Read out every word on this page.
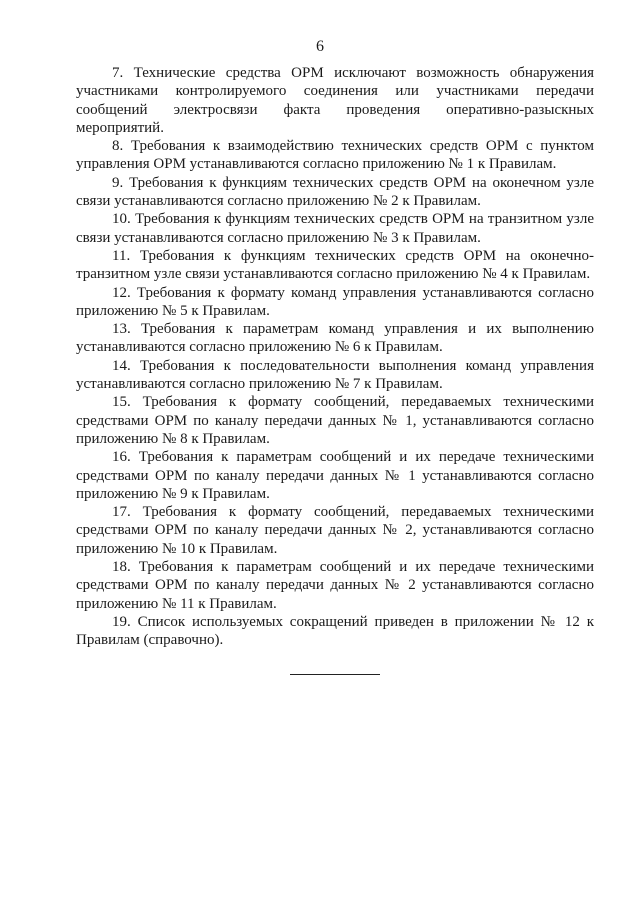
6

7. Технические средства ОРМ исключают возможность обнаружения участниками контролируемого соединения или участниками передачи сообщений электросвязи факта проведения оперативно-разыскных мероприятий.

8. Требования к взаимодействию технических средств ОРМ с пунктом управления ОРМ устанавливаются согласно приложению № 1 к Правилам.

9. Требования к функциям технических средств ОРМ на оконечном узле связи устанавливаются согласно приложению № 2 к Правилам.

10. Требования к функциям технических средств ОРМ на транзитном узле связи устанавливаются согласно приложению № 3 к Правилам.

11. Требования к функциям технических средств ОРМ на оконечно-транзитном узле связи устанавливаются согласно приложению № 4 к Правилам.

12. Требования к формату команд управления устанавливаются согласно приложению № 5 к Правилам.

13. Требования к параметрам команд управления и их выполнению устанавливаются согласно приложению № 6 к Правилам.

14. Требования к последовательности выполнения команд управления устанавливаются согласно приложению № 7 к Правилам.

15. Требования к формату сообщений, передаваемых техническими средствами ОРМ по каналу передачи данных № 1, устанавливаются согласно приложению № 8 к Правилам.

16. Требования к параметрам сообщений и их передаче техническими средствами ОРМ по каналу передачи данных № 1 устанавливаются согласно приложению № 9 к Правилам.

17. Требования к формату сообщений, передаваемых техническими средствами ОРМ по каналу передачи данных № 2, устанавливаются согласно приложению № 10 к Правилам.

18. Требования к параметрам сообщений и их передаче техническими средствами ОРМ по каналу передачи данных № 2 устанавливаются согласно приложению № 11 к Правилам.

19. Список используемых сокращений приведен в приложении № 12 к Правилам (справочно).
